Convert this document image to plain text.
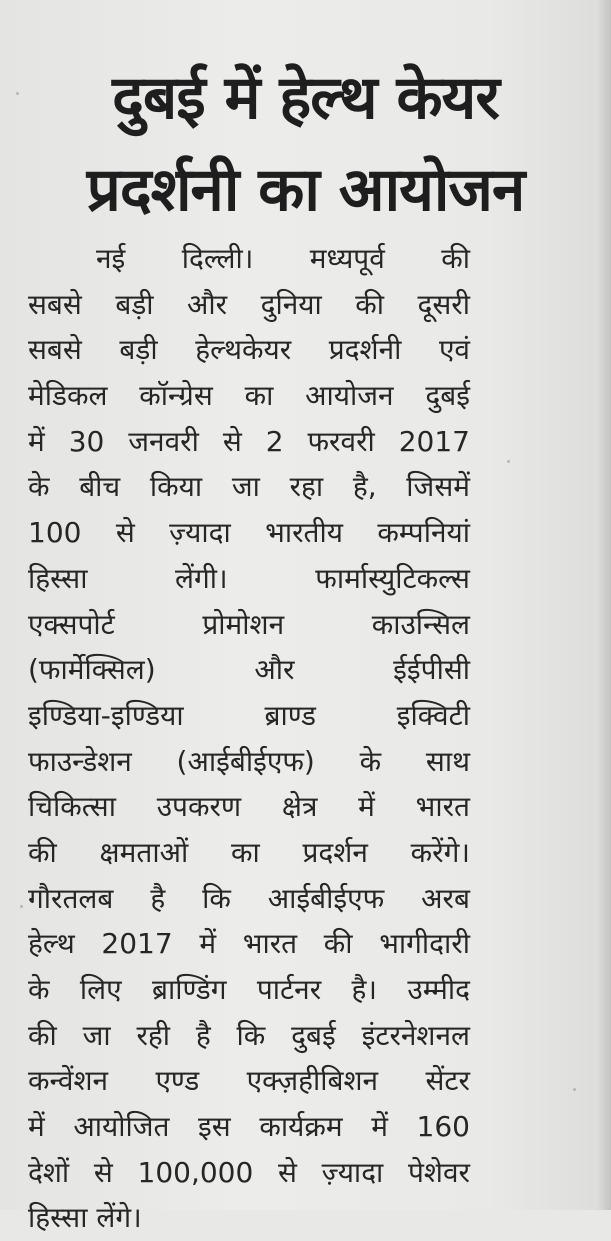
दुबई में हेल्थ केयर
प्रदर्शनी का आयोजन
नई दिल्ली। मध्यपूर्व की
सबसे बड़ी और दुनिया की दूसरी
सबसे बड़ी हेल्थकेयर प्रदर्शनी एवं
मेडिकल कॉन्ग्रेस का आयोजन दुबई
में 30 जनवरी से 2 फरवरी 2017
के बीच किया जा रहा है, जिसमें
100 से ज़्यादा भारतीय कम्पनियां
हिस्सा लेंगी। फार्मास्युटिकल्स
एक्सपोर्ट प्रोमोशन काउन्सिल
(फार्मेक्सिल) और ईईपीसी
इण्डिया-इण्डिया ब्राण्ड इक्विटी
फाउन्डेशन (आईबीईएफ) के साथ
चिकित्सा उपकरण क्षेत्र में भारत
की क्षमताओं का प्रदर्शन करेंगे।
गौरतलब है कि आईबीईएफ अरब
हेल्थ 2017 में भारत की भागीदारी
के लिए ब्राण्डिंग पार्टनर है। उम्मीद
की जा रही है कि दुबई इंटरनेशनल
कन्वेंशन एण्ड एक्ज़हीबिशन सेंटर
में आयोजित इस कार्यक्रम में 160
देशों से 100,000 से ज़्यादा पेशेवर
हिस्सा लेंगे।
